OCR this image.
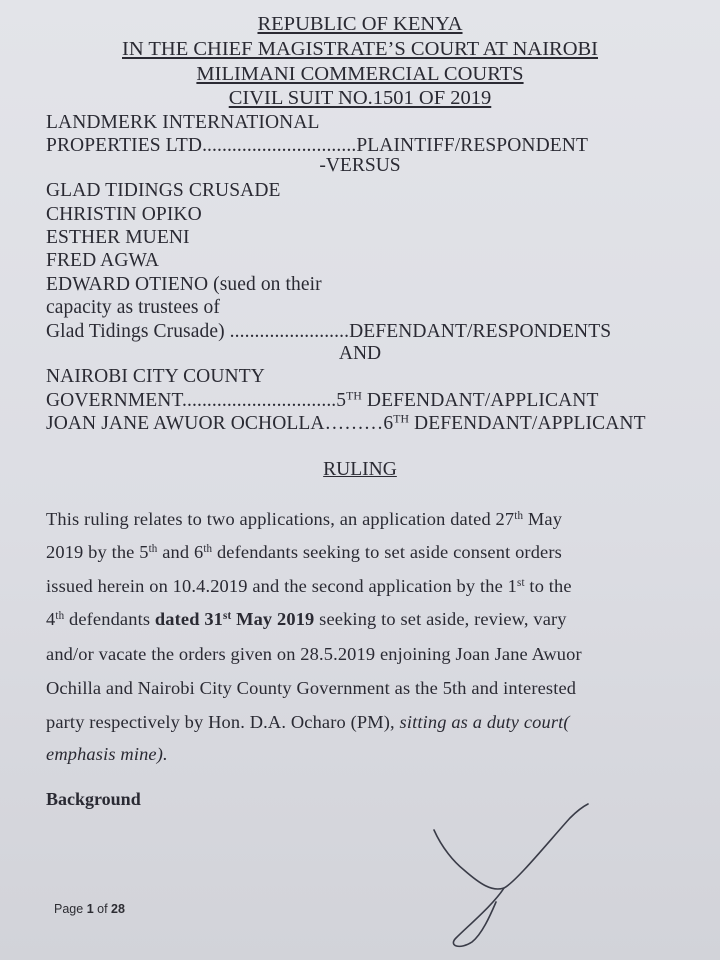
REPUBLIC OF KENYA
IN THE CHIEF MAGISTRATE’S COURT AT NAIROBI
MILIMANI COMMERCIAL COURTS
CIVIL SUIT NO.1501 OF 2019
LANDMERK INTERNATIONAL
PROPERTIES LTD...............................PLAINTIFF/RESPONDENT
-VERSUS
GLAD TIDINGS CRUSADE
CHRISTIN OPIKO
ESTHER MUENI
FRED AGWA
EDWARD OTIENO (sued on their
capacity as trustees of
Glad Tidings Crusade) ........................DEFENDANT/RESPONDENTS
AND
NAIROBI CITY COUNTY
GOVERNMENT...............................5TH DEFENDANT/APPLICANT
JOAN JANE AWUOR OCHOLLA………6TH DEFENDANT/APPLICANT
RULING
This ruling relates to two applications, an application dated 27th May
2019 by the 5th and 6th defendants seeking to set aside consent orders
issued herein on 10.4.2019 and the second application by the 1st to the
4th defendants dated 31st May 2019 seeking to set aside, review, vary
and/or vacate the orders given on 28.5.2019 enjoining Joan Jane Awuor
Ochilla and Nairobi City County Government as the 5th and interested
party respectively by Hon. D.A. Ocharo (PM), sitting as a duty court(
emphasis mine).
Background
Page 1 of 28
